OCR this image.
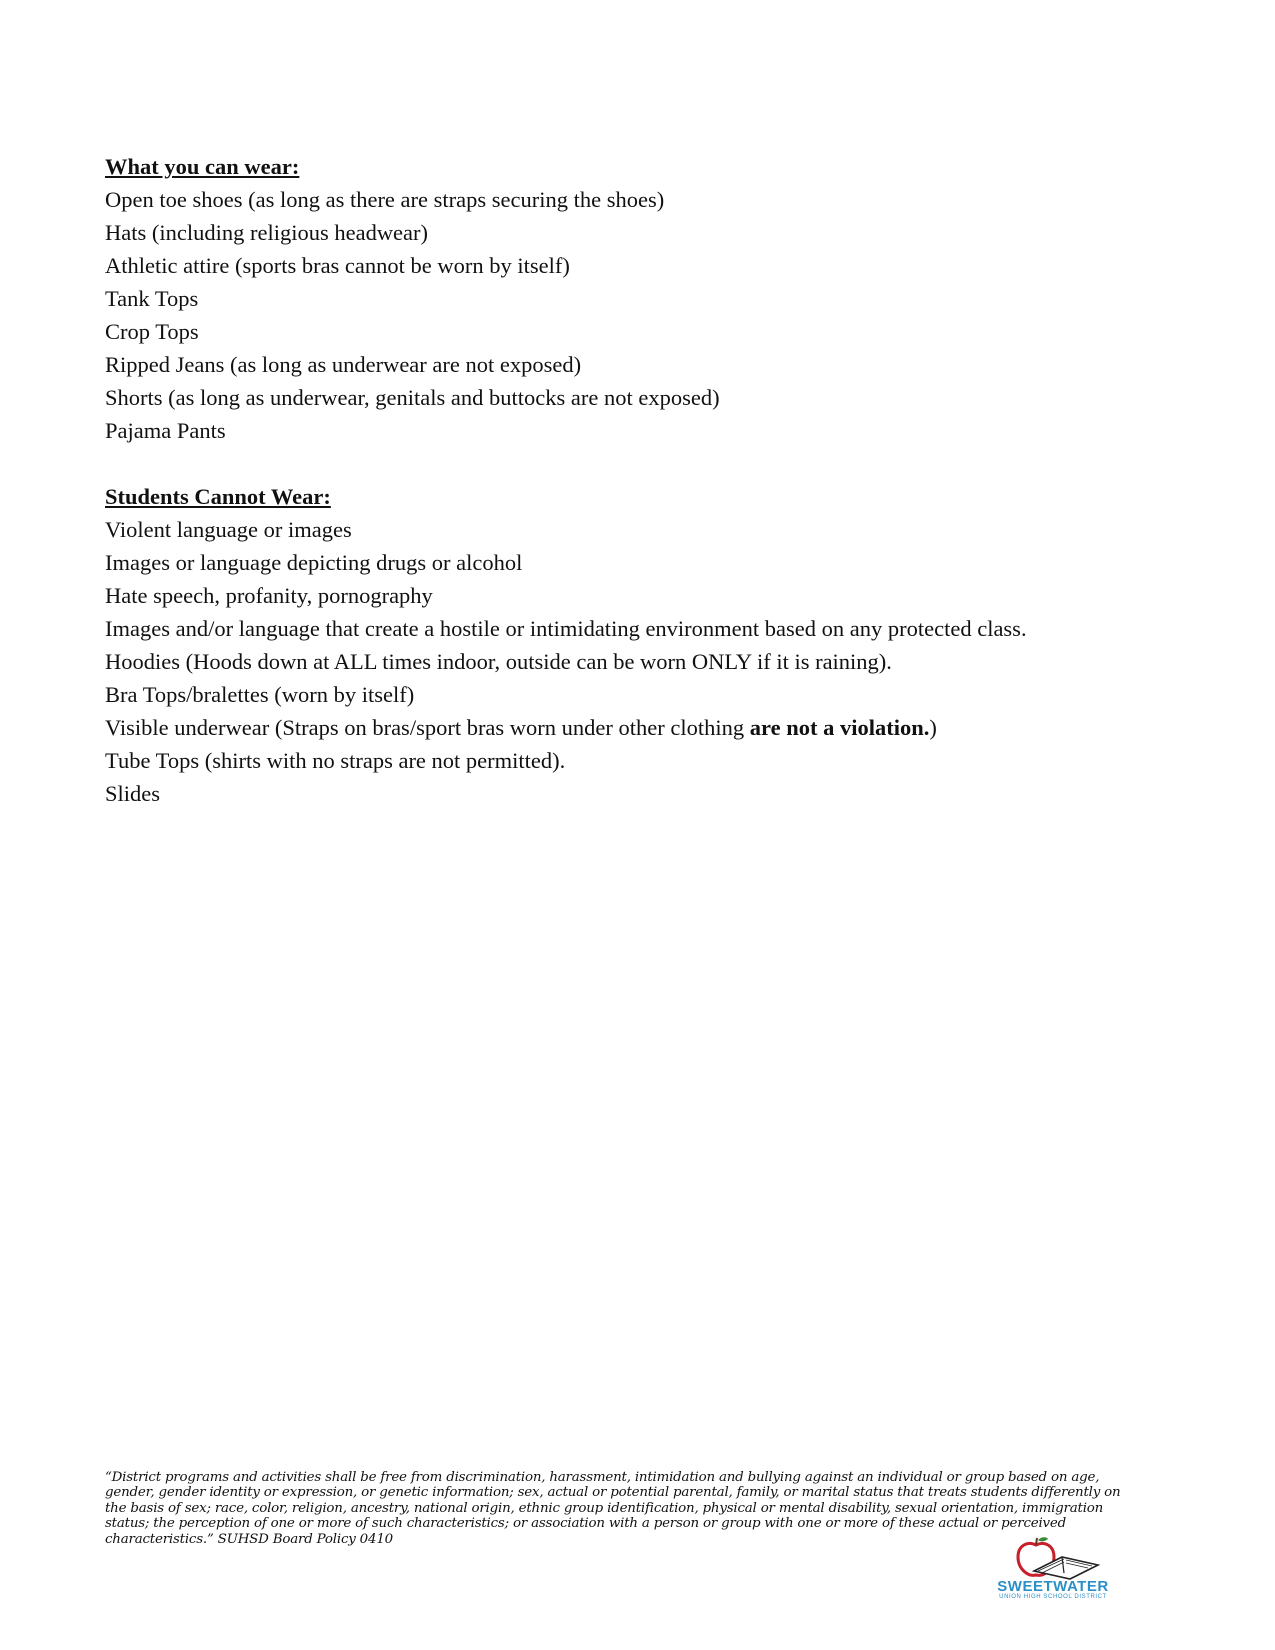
What you can wear:

Open toe shoes (as long as there are straps securing the shoes)

Hats (including religious headwear)

Athletic attire (sports bras cannot be worn by itself)

Tank Tops

Crop Tops

Ripped Jeans (as long as underwear are not exposed)

Shorts (as long as underwear, genitals and buttocks are not exposed)

Pajama Pants

Students Cannot Wear:

Violent language or images

Images or language depicting drugs or alcohol

Hate speech, profanity, pornography

Images and/or language that create a hostile or intimidating environment based on any protected class.

Hoodies (Hoods down at ALL times indoor, outside can be worn ONLY if it is raining).

Bra Tops/bralettes (worn by itself)

Visible underwear (Straps on bras/sport bras worn under other clothing are not a violation.)

Tube Tops (shirts with no straps are not permitted).

Slides

“District programs and activities shall be free from discrimination, harassment, intimidation and bullying against an individual or group based on age,
gender, gender identity or expression, or genetic information; sex, actual or potential parental, family, or marital status that treats students differently on
the basis of sex; race, color, religion, ancestry, national origin, ethnic group identification, physical or mental disability, sexual orientation, immigration
status; the perception of one or more of such characteristics; or association with a person or group with one or more of these actual or perceived
characteristics.” SUHSD Board Policy 0410
SWEETWATER
UNION HIGH SCHOOL DISTRICT
